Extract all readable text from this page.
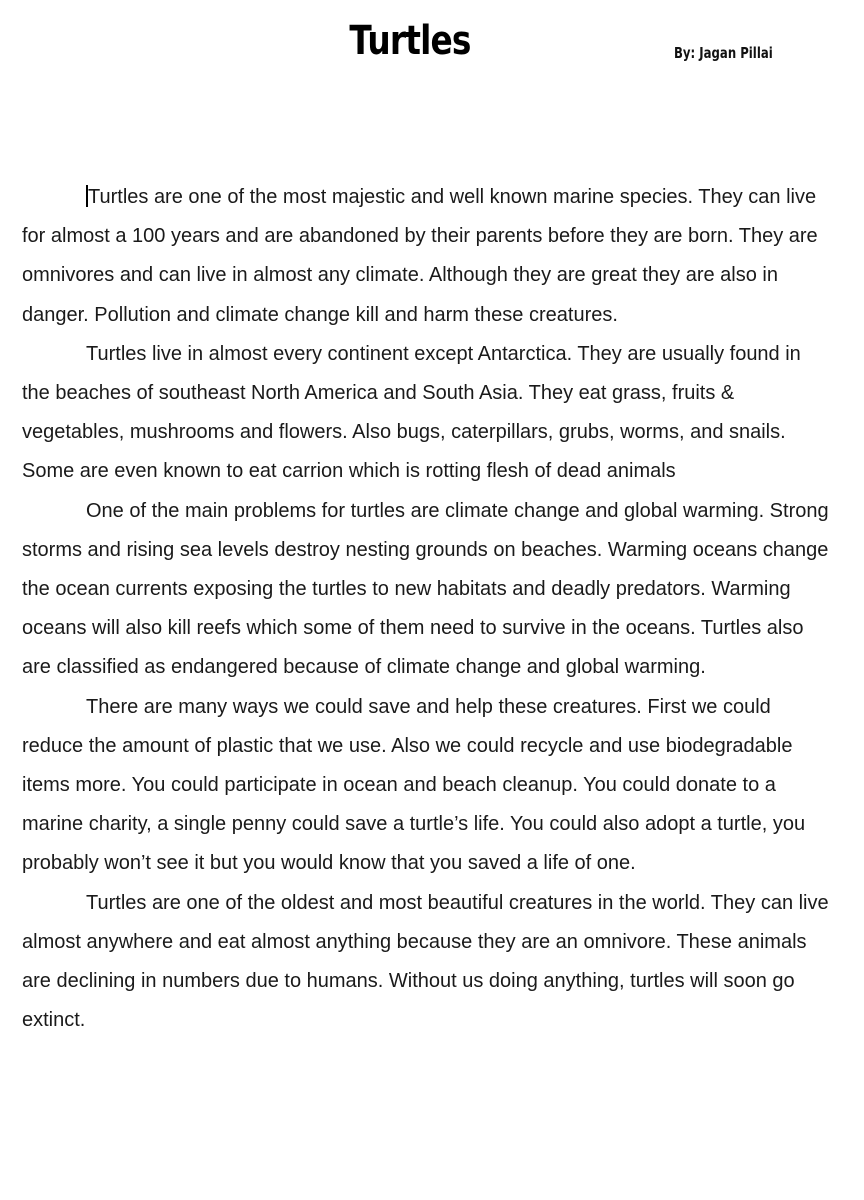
Turtles	By: Jagan Pillai

Turtles are one of the most majestic and well known marine species. They can live for almost a 100 years and are abandoned by their parents before they are born. They are omnivores and can live in almost any climate. Although they are great they are also in danger. Pollution and climate change kill and harm these creatures.

Turtles live in almost every continent except Antarctica. They are usually found in the beaches of southeast North America and South Asia. They eat grass, fruits & vegetables, mushrooms and flowers. Also bugs, caterpillars, grubs, worms, and snails. Some are even known to eat carrion which is rotting flesh of dead animals

One of the main problems for turtles are climate change and global warming. Strong storms and rising sea levels destroy nesting grounds on beaches. Warming oceans change the ocean currents exposing the turtles to new habitats and deadly predators. Warming oceans will also kill reefs which some of them need to survive in the oceans. Turtles also are classified as endangered because of climate change and global warming.

There are many ways we could save and help these creatures. First we could reduce the amount of plastic that we use. Also we could recycle and use biodegradable items more. You could participate in ocean and beach cleanup. You could donate to a marine charity, a single penny could save a turtle’s life. You could also adopt a turtle, you probably won’t see it but you would know that you saved a life of one.

Turtles are one of the oldest and most beautiful creatures in the world. They can live almost anywhere and eat almost anything because they are an omnivore. These animals are declining in numbers due to humans. Without us doing anything, turtles will soon go extinct.
